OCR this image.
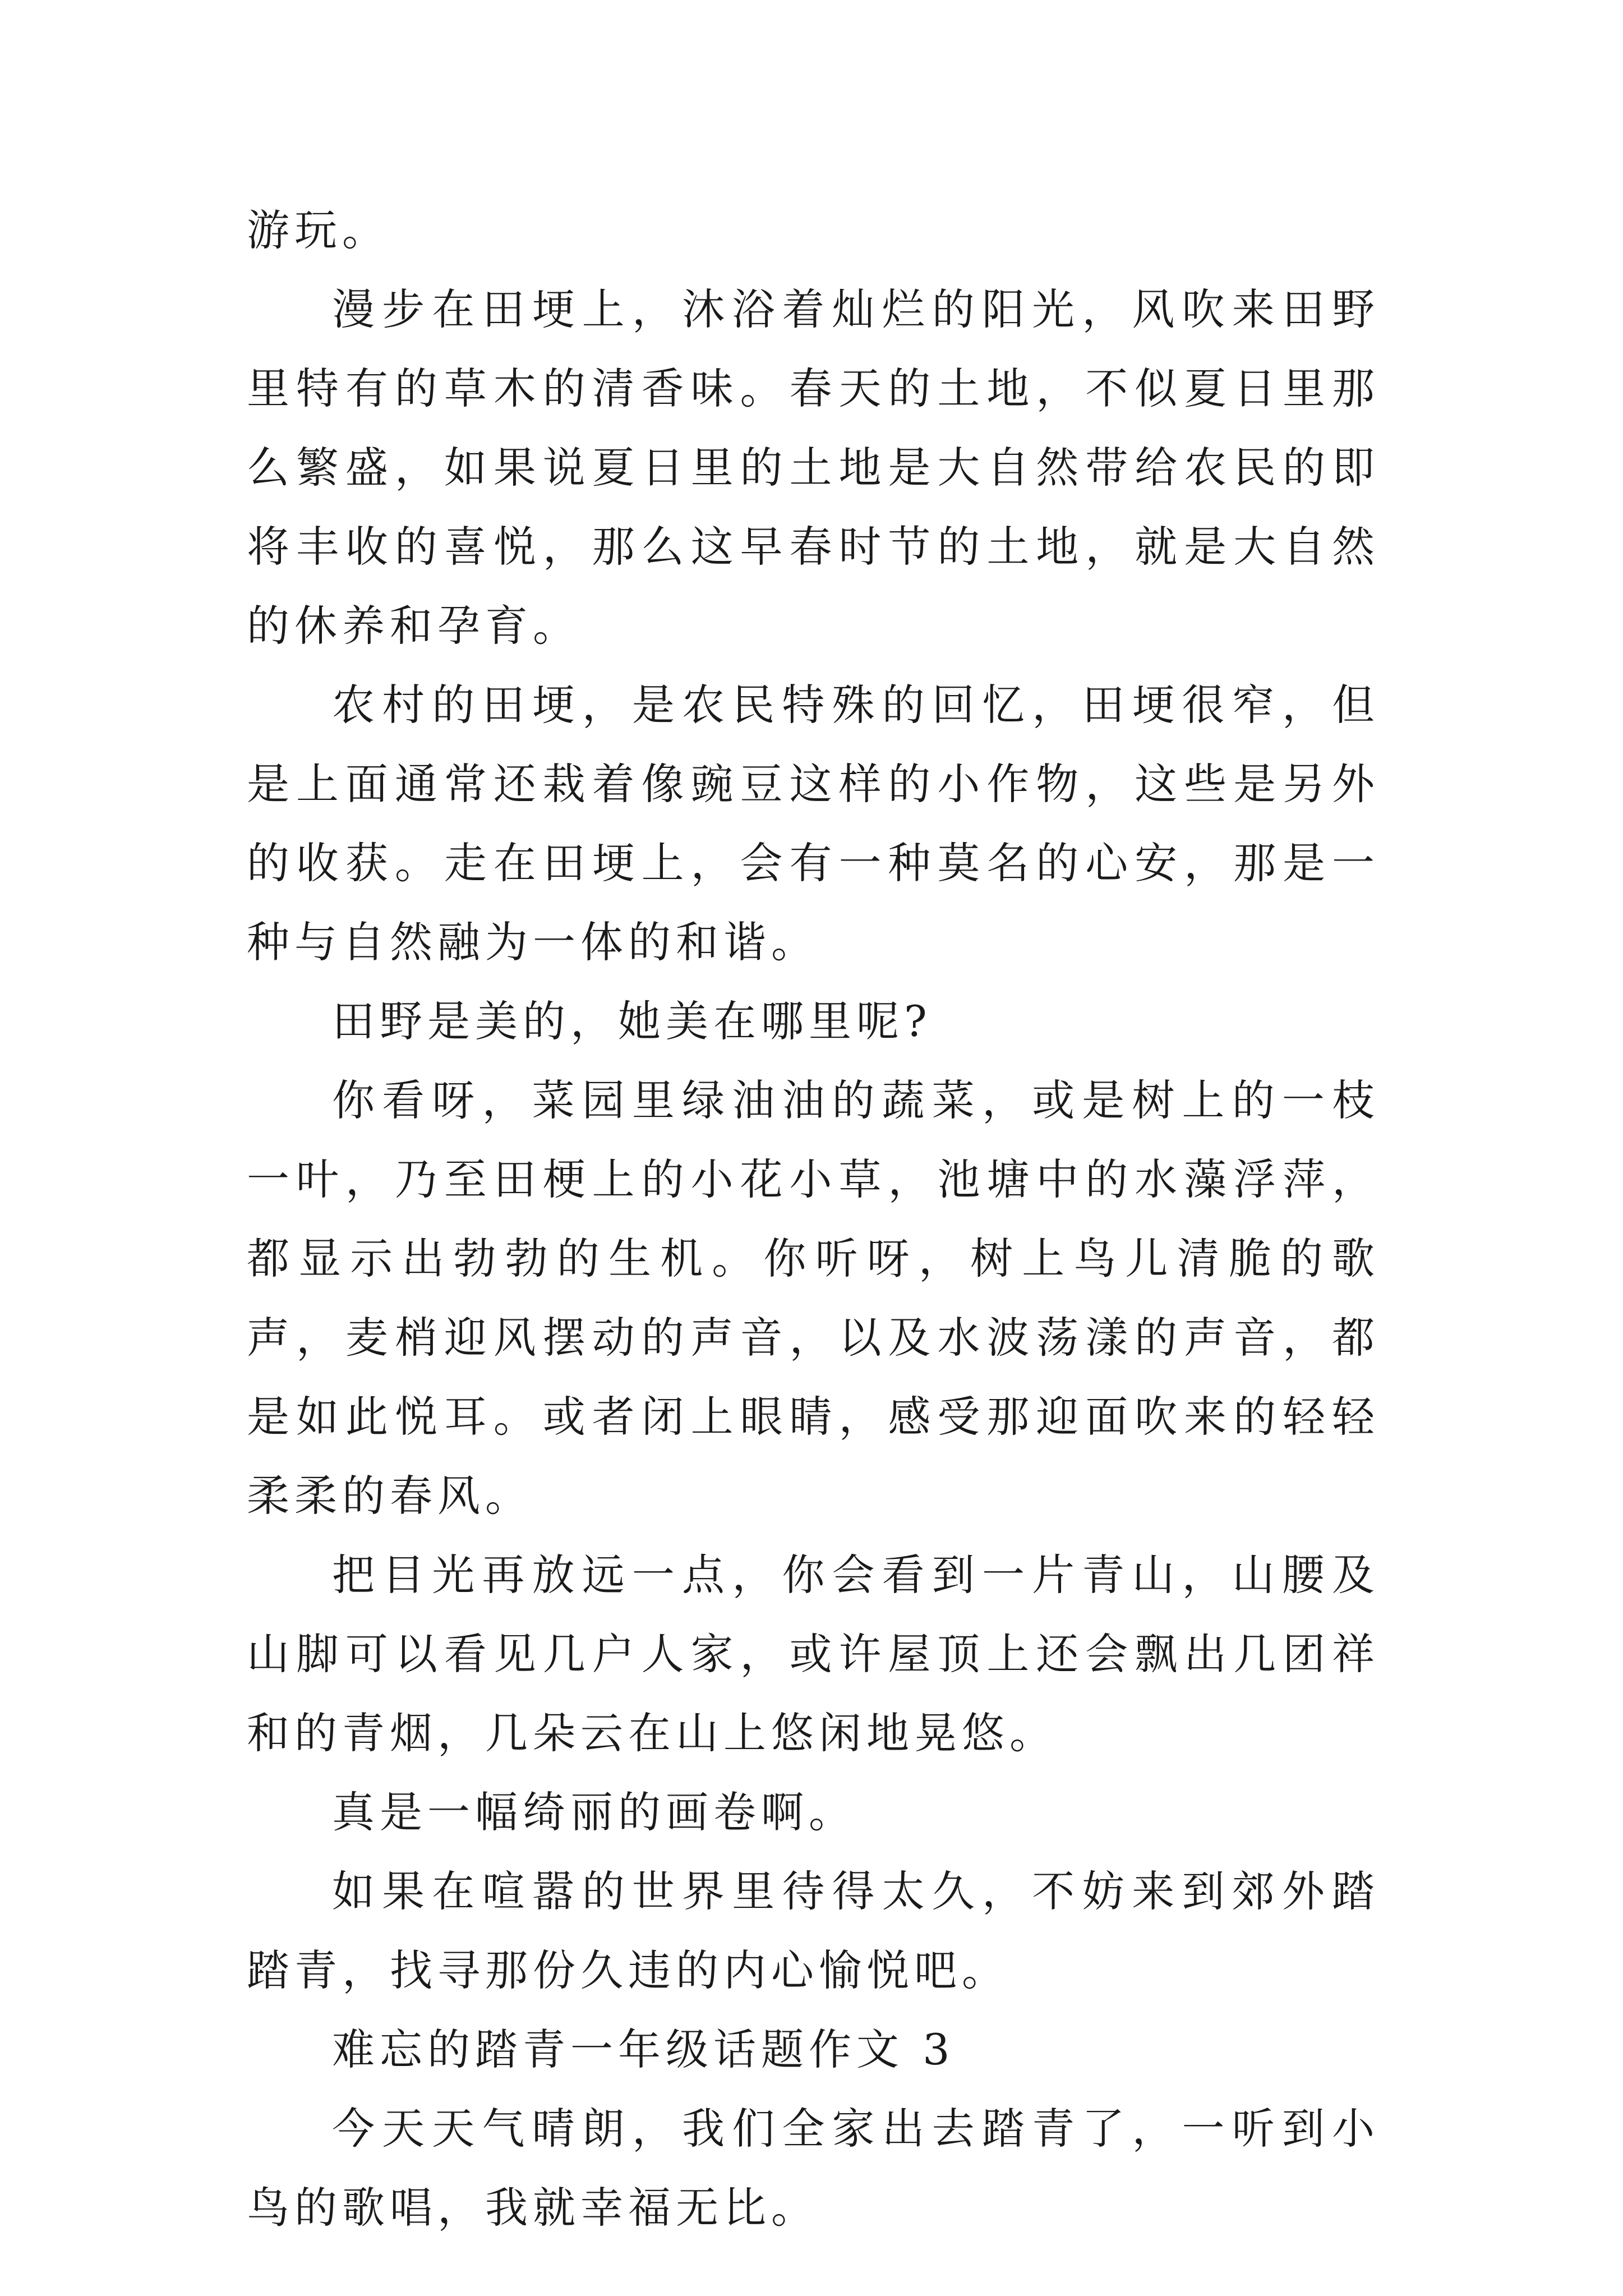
游玩。

漫步在田埂上，沐浴着灿烂的阳光，风吹来田野里特有的草木的清香味。春天的土地，不似夏日里那么繁盛，如果说夏日里的土地是大自然带给农民的即将丰收的喜悦，那么这早春时节的土地，就是大自然的休养和孕育。

农村的田埂，是农民特殊的回忆，田埂很窄，但是上面通常还栽着像豌豆这样的小作物，这些是另外的收获。走在田埂上，会有一种莫名的心安，那是一种与自然融为一体的和谐。

田野是美的，她美在哪里呢?

你看呀，菜园里绿油油的蔬菜，或是树上的一枝一叶，乃至田梗上的小花小草，池塘中的水藻浮萍，都显示出勃勃的生机。你听呀，树上鸟儿清脆的歌声，麦梢迎风摆动的声音，以及水波荡漾的声音，都是如此悦耳。或者闭上眼睛，感受那迎面吹来的轻轻柔柔的春风。

把目光再放远一点，你会看到一片青山，山腰及山脚可以看见几户人家，或许屋顶上还会飘出几团祥和的青烟，几朵云在山上悠闲地晃悠。

真是一幅绮丽的画卷啊。

如果在喧嚣的世界里待得太久，不妨来到郊外踏踏青，找寻那份久违的内心愉悦吧。

难忘的踏青一年级话题作文 3

今天天气晴朗，我们全家出去踏青了，一听到小鸟的歌唱，我就幸福无比。
